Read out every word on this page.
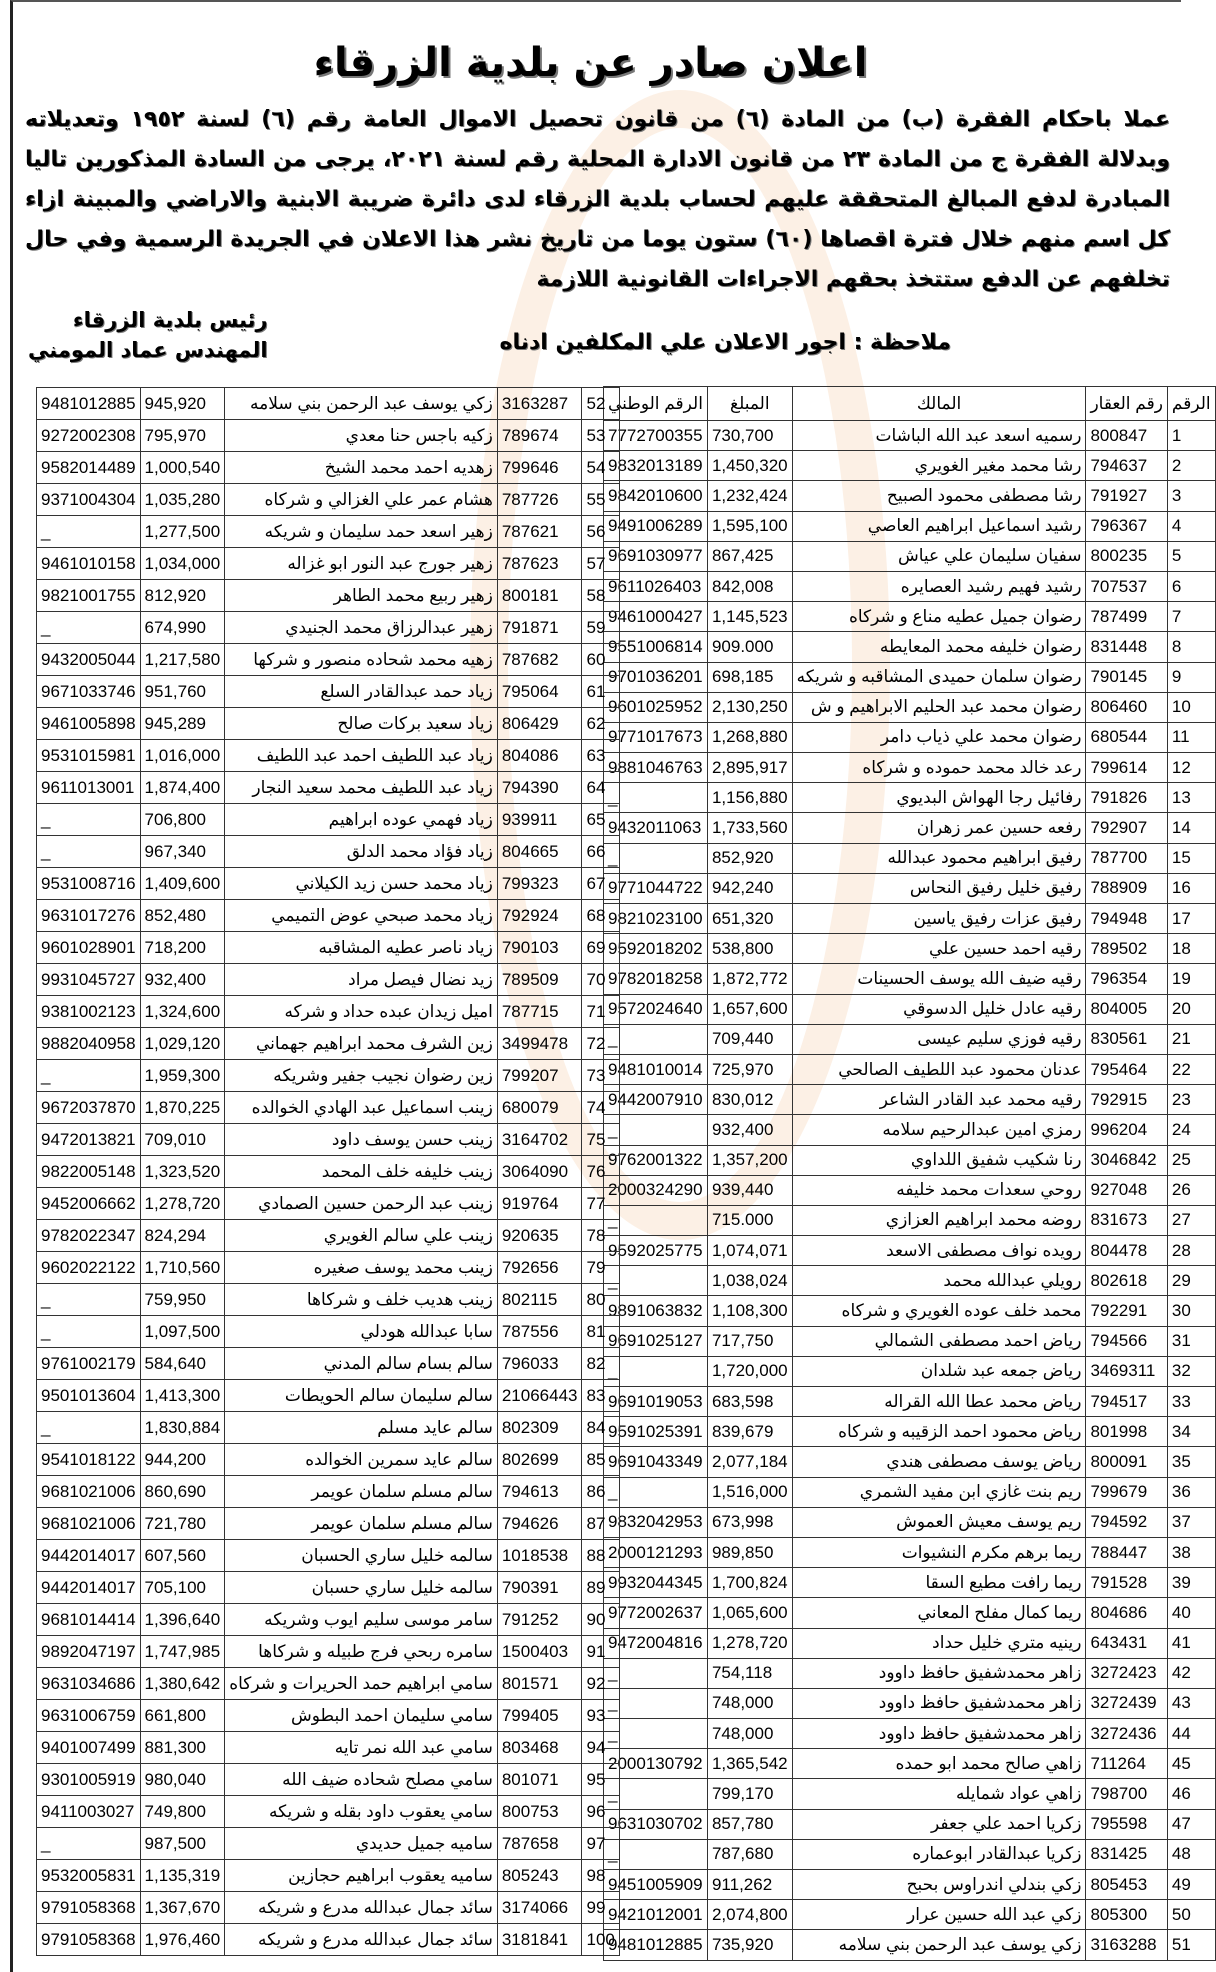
اعلان صادر عن بلدية الزرقاء
عملا باحكام الفقرة (ب) من المادة (٦) من قانون تحصيل الاموال العامة رقم (٦) لسنة ١٩٥٢ وتعديلاته وبدلالة الفقرة ج من المادة ٢٣ من قانون الادارة المحلية رقم لسنة ٢٠٢١، يرجى من السادة المذكورين تاليا المبادرة لدفع المبالغ المتحققة عليهم لحساب بلدية الزرقاء لدى دائرة ضريبة الابنية والاراضي والمبينة ازاء كل اسم منهم خلال فترة اقصاها (٦٠) ستون يوما من تاريخ نشر هذا الاعلان في الجريدة الرسمية وفي حال تخلفهم عن الدفع ستتخذ بحقهم الاجراءات القانونية اللازمة
رئيس بلدية الزرقاء
المهندس عماد المومني	ملاحظة : اجور الاعلان علي المكلفين ادناه
الرقم	رقم العقار	المالك	المبلغ	الرقم الوطني
1	800847	رسميه اسعد عبد الله الباشات	730,700	7772700355
2	794637	رشا محمد مغير الغويري	1,450,320	9832013189
3	791927	رشا مصطفى محمود الصبيح	1,232,424	9842010600
4	796367	رشيد اسماعيل ابراهيم العاصي	1,595,100	9491006289
5	800235	سفيان سليمان علي عياش	867,425	9691030977
6	707537	رشيد فهيم رشيد العصايره	842,008	9611026403
7	787499	رضوان جميل عطيه مناع و شركاه	1,145,523	9461000427
8	831448	رضوان خليفه محمد المعايطه	909.000	9551006814
9	790145	رضوان سلمان حميدى المشاقبه و شريكه	698,185	9701036201
10	806460	رضوان محمد عبد الحليم الابراهيم و ش	2,130,250	9601025952
11	680544	رضوان محمد علي ذياب دامر	1,268,880	9771017673
12	799614	رعد خالد محمد حموده و شركاه	2,895,917	9881046763
13	791826	رفائيل رجا الهواش البديوي	1,156,880	_
14	792907	رفعه حسين عمر زهران	1,733,560	9432011063
15	787700	رفيق ابراهيم محمود عبدالله	852,920	_
16	788909	رفيق خليل رفيق النحاس	942,240	9771044722
17	794948	رفيق عزات رفيق ياسين	651,320	9821023100
18	789502	رقيه احمد حسين علي	538,800	9592018202
19	796354	رقيه ضيف الله يوسف الحسينات	1,872,772	9782018258
20	804005	رقيه عادل خليل الدسوقي	1,657,600	9572024640
21	830561	رقيه فوزي سليم عيسى	709,440	_
22	795464	عدنان محمود عبد اللطيف الصالحي	725,970	9481010014
23	792915	رقيه محمد عبد القادر الشاعر	830,012	9442007910
24	996204	رمزي امين عبدالرحيم سلامه	932,400	_
25	3046842	رنا شكيب شفيق اللداوي	1,357,200	9762001322
26	927048	روحي سعدات محمد خليفه	939,440	2000324290
27	831673	روضه محمد ابراهيم العزازي	715.000	_
28	804478	رويده نواف مصطفى الاسعد	1,074,071	9592025775
29	802618	رويلي عبدالله محمد	1,038,024	_
30	792291	محمد خلف عوده الغويري و شركاه	1,108,300	9891063832
31	794566	رياض احمد مصطفى الشمالي	717,750	9691025127
32	3469311	رياض جمعه عبد شلدان	1,720,000	_
33	794517	رياض محمد عطا الله القراله	683,598	9691019053
34	801998	رياض محمود احمد الزقيبه و شركاه	839,679	9591025391
35	800091	رياض يوسف مصطفى هندي	2,077,184	9691043349
36	799679	ريم بنت غازي ابن مفيد الشمري	1,516,000	_
37	794592	ريم يوسف معيش العموش	673,998	9832042953
38	788447	ريما برهم مكرم النشيوات	989,850	2000121293
39	791528	ريما رافت مطيع السقا	1,700,824	9932044345
40	804686	ريما كمال مفلح المعاني	1,065,600	9772002637
41	643431	رينيه متري خليل حداد	1,278,720	9472004816
42	3272423	زاهر محمدشفيق حافظ داوود	754,118	_
43	3272439	زاهر محمدشفيق حافظ داوود	748,000	_
44	3272436	زاهر محمدشفيق حافظ داوود	748,000	_
45	711264	زاهي صالح محمد ابو حمده	1,365,542	2000130792
46	798700	زاهي عواد شمايله	799,170	_
47	795598	زكريا احمد علي جعفر	857,780	9631030702
48	831425	زكريا عبدالقادر ابوعماره	787,680	_
49	805453	زكي بندلي اندراوس بحبح	911,262	9451005909
50	805300	زكي عبد الله حسين عرار	2,074,800	9421012001
51	3163288	زكي يوسف عبد الرحمن بني سلامه	735,920	9481012885
52	3163287	زكي يوسف عبد الرحمن بني سلامه	945,920	9481012885
53	789674	زكيه باجس حنا معدي	795,970	9272002308
54	799646	زهديه احمد محمد الشيخ	1,000,540	9582014489
55	787726	هشام عمر علي الغزالي و شركاه	1,035,280	9371004304
56	787621	زهير اسعد حمد سليمان و شريكه	1,277,500	_
57	787623	زهير جورج عبد النور ابو غزاله	1,034,000	9461010158
58	800181	زهير ربيع محمد الطاهر	812,920	9821001755
59	791871	زهير عبدالرزاق محمد الجنيدي	674,990	_
60	787682	زهيه محمد شحاده منصور و شركها	1,217,580	9432005044
61	795064	زياد حمد عبدالقادر السلع	951,760	9671033746
62	806429	زياد سعيد بركات صالح	945,289	9461005898
63	804086	زياد عبد اللطيف احمد عبد اللطيف	1,016,000	9531015981
64	794390	زياد عبد اللطيف محمد سعيد النجار	1,874,400	9611013001
65	939911	زياد فهمي عوده ابراهيم	706,800	_
66	804665	زياد فؤاد محمد الدلق	967,340	_
67	799323	زياد محمد حسن زيد الكيلاني	1,409,600	9531008716
68	792924	زياد محمد صبحي عوض التميمي	852,480	9631017276
69	790103	زياد ناصر عطيه المشاقبه	718,200	9601028901
70	789509	زيد نضال فيصل مراد	932,400	9931045727
71	787715	اميل زيدان عبده حداد و شركه	1,324,600	9381002123
72	3499478	زين الشرف محمد ابراهيم جهماني	1,029,120	9882040958
73	799207	زين رضوان نجيب جفير وشريكه	1,959,300	_
74	680079	زينب اسماعيل عبد الهادي الخوالده	1,870,225	9672037870
75	3164702	زينب حسن يوسف داود	709,010	9472013821
76	3064090	زينب خليفه خلف المحمد	1,323,520	9822005148
77	919764	زينب عبد الرحمن حسين الصمادي	1,278,720	9452006662
78	920635	زينب علي سالم الغويري	824,294	9782022347
79	792656	زينب محمد يوسف صغيره	1,710,560	9602022122
80	802115	زينب هديب خلف و شركاها	759,950	_
81	787556	سابا عبدالله هودلي	1,097,500	_
82	796033	سالم بسام سالم المدني	584,640	9761002179
83	21066443	سالم سليمان سالم الحويطات	1,413,300	9501013604
84	802309	سالم عايد مسلم	1,830,884	_
85	802699	سالم عايد سمرين الخوالده	944,200	9541018122
86	794613	سالم مسلم سلمان عويمر	860,690	9681021006
87	794626	سالم مسلم سلمان عويمر	721,780	9681021006
88	1018538	سالمه خليل ساري الحسبان	607,560	9442014017
89	790391	سالمه خليل ساري حسبان	705,100	9442014017
90	791252	سامر موسى سليم ايوب وشريكه	1,396,640	9681014414
91	1500403	سامره ربحي فرج طبيله و شركاها	1,747,985	9892047197
92	801571	سامي ابراهيم حمد الحريرات و شركاه	1,380,642	9631034686
93	799405	سامي سليمان احمد البطوش	661,800	9631006759
94	803468	سامي عبد الله نمر تايه	881,300	9401007499
95	801071	سامي مصلح شحاده ضيف الله	980,040	9301005919
96	800753	سامي يعقوب داود بقله و شريكه	749,800	9411003027
97	787658	ساميه جميل حديدي	987,500	_
98	805243	ساميه يعقوب ابراهيم حجازين	1,135,319	9532005831
99	3174066	سائد جمال عبدالله مدرع و شريكه	1,367,670	9791058368
100	3181841	سائد جمال عبدالله مدرع و شريكه	1,976,460	9791058368
